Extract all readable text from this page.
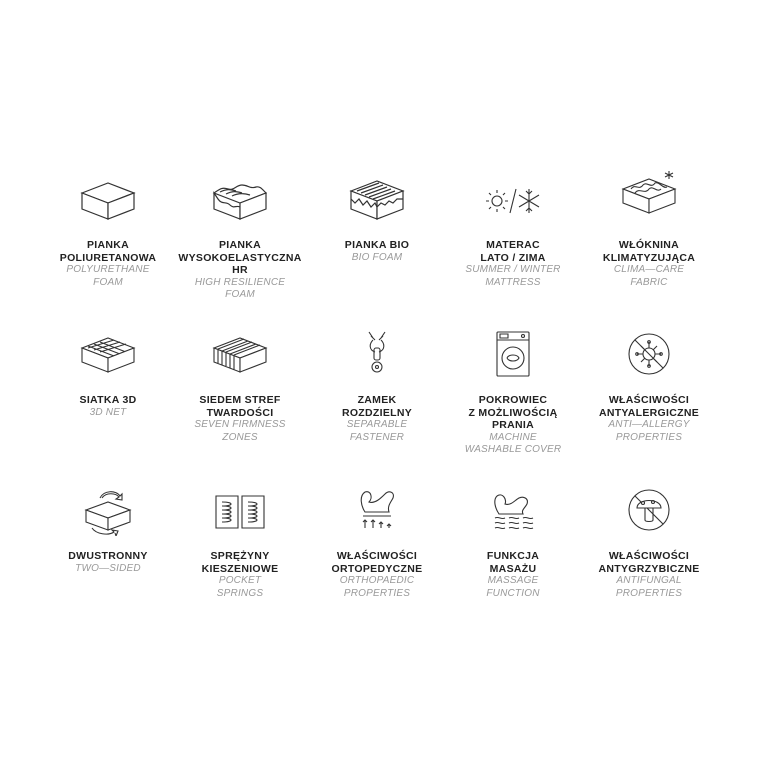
PIANKA
POLIURETANOWA
POLYURETHANE
FOAM
PIANKA
WYSOKOELASTYCZNA
HR
HIGH RESILIENCE
FOAM
PIANKA BIO
BIO FOAM
MATERAC
LATO / ZIMA
SUMMER / WINTER
MATTRESS
WŁÓKNINA
KLIMATYZUJĄCA
CLIMA—CARE
FABRIC
SIATKA 3D
3D NET
SIEDEM STREF
TWARDOŚCI
SEVEN FIRMNESS
ZONES
ZAMEK
ROZDZIELNY
SEPARABLE
FASTENER
POKROWIEC
Z MOŻLIWOŚCIĄ
PRANIA
MACHINE
WASHABLE COVER
WŁAŚCIWOŚCI
ANTYALERGICZNE
ANTI—ALLERGY
PROPERTIES
DWUSTRONNY
TWO—SIDED
SPRĘŻYNY
KIESZENIOWE
POCKET
SPRINGS
WŁAŚCIWOŚCI
ORTOPEDYCZNE
ORTHOPAEDIC
PROPERTIES
FUNKCJA
MASAŻU
MASSAGE
FUNCTION
WŁAŚCIWOŚCI
ANTYGRZYBICZNE
ANTIFUNGAL
PROPERTIES
